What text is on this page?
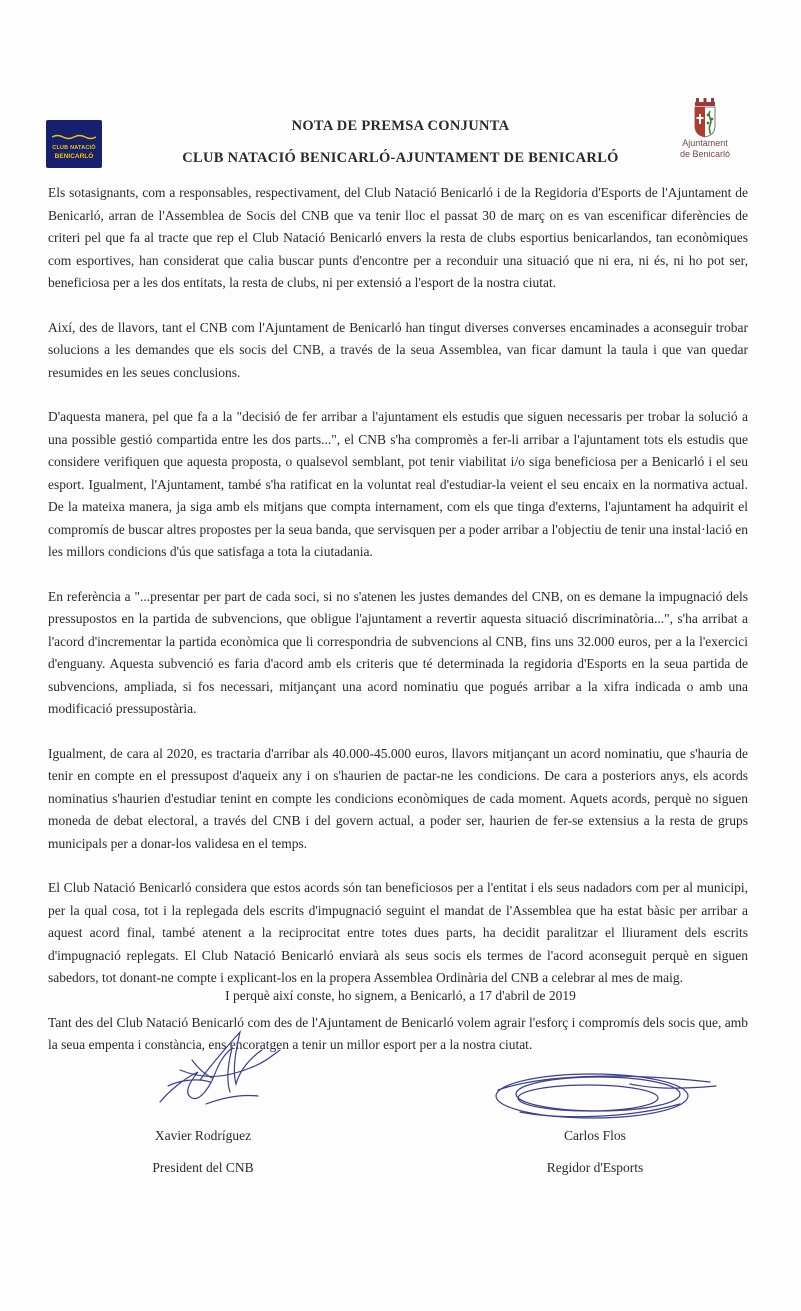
CLUB NATACIÓ
BENICARLÓ
Ajuntament
de Benicarló
NOTA DE PREMSA CONJUNTA
CLUB NATACIÓ BENICARLÓ-AJUNTAMENT DE BENICARLÓ

Els sotasignants, com a responsables, respectivament, del Club Natació Benicarló i de la Regidoria d'Esports de l'Ajuntament de Benicarló, arran de l'Assemblea de Socis del CNB que va tenir lloc el passat 30 de març on es van escenificar diferències de criteri pel que fa al tracte que rep el Club Natació Benicarló envers la resta de clubs esportius benicarlandos, tan econòmiques com esportives, han considerat que calia buscar punts d'encontre per a reconduir una situació que ni era, ni és, ni ho pot ser, beneficiosa per a les dos entitats, la resta de clubs, ni per extensió a l'esport de la nostra ciutat.

Així, des de llavors, tant el CNB com l'Ajuntament de Benicarló han tingut diverses converses encaminades a aconseguir trobar solucions a les demandes que els socis del CNB, a través de la seua Assemblea, van ficar damunt la taula i que van quedar resumides en les seues conclusions.

D'aquesta manera, pel que fa a la "decisió de fer arribar a l'ajuntament els estudis que siguen necessaris per trobar la solució a una possible gestió compartida entre les dos parts...", el CNB s'ha compromès a fer-li arribar a l'ajuntament tots els estudis que considere verifiquen que aquesta proposta, o qualsevol semblant, pot tenir viabilitat i/o siga beneficiosa per a Benicarló i el seu esport. Igualment, l'Ajuntament, també s'ha ratificat en la voluntat real d'estudiar-la veient el seu encaix en la normativa actual. De la mateixa manera, ja siga amb els mitjans que compta internament, com els que tinga d'externs, l'ajuntament ha adquirit el compromís de buscar altres propostes per la seua banda, que servisquen per a poder arribar a l'objectiu de tenir una instal·lació en les millors condicions d'ús que satisfaga a tota la ciutadania.

En referència a "...presentar per part de cada soci, si no s'atenen les justes demandes del CNB, on es demane la impugnació dels pressupostos en la partida de subvencions, que obligue l'ajuntament a revertir aquesta situació discriminatòria...", s'ha arribat a l'acord d'incrementar la partida econòmica que li correspondria de subvencions al CNB, fins uns 32.000 euros, per a la l'exercici d'enguany. Aquesta subvenció es faria d'acord amb els criteris que té determinada la regidoria d'Esports en la seua partida de subvencions, ampliada, si fos necessari, mitjançant una acord nominatiu que pogués arribar a la xifra indicada o amb una modificació pressupostària.

Igualment, de cara al 2020, es tractaria d'arribar als 40.000-45.000 euros, llavors mitjançant un acord nominatiu, que s'hauria de tenir en compte en el pressupost d'aqueix any i on s'haurien de pactar-ne les condicions. De cara a posteriors anys, els acords nominatius s'haurien d'estudiar tenint en compte les condicions econòmiques de cada moment. Aquets acords, perquè no siguen moneda de debat electoral, a través del CNB i del govern actual, a poder ser, haurien de fer-se extensius a la resta de grups municipals per a donar-los validesa en el temps.

El Club Natació Benicarló considera que estos acords són tan beneficiosos per a l'entitat i els seus nadadors com per al municipi, per la qual cosa, tot i la replegada dels escrits d'impugnació seguint el mandat de l'Assemblea que ha estat bàsic per arribar a aquest acord final, també atenent a la reciprocitat entre totes dues parts, ha decidit paralitzar el lliurament dels escrits d'impugnació replegats. El Club Natació Benicarló enviarà als seus socis els termes de l'acord aconseguit perquè en siguen sabedors, tot donant-ne compte i explicant-los en la propera Assemblea Ordinària del CNB a celebrar al mes de maig.

Tant des del Club Natació Benicarló com des de l'Ajuntament de Benicarló volem agrair l'esforç i compromís dels socis que, amb la seua empenta i constància, ens encoratgen a tenir un millor esport per a la nostra ciutat.

I perquè així conste, ho signem, a Benicarló, a 17 d'abril de 2019
Xavier Rodríguez
President del CNB
Carlos Flos
Regidor d'Esports
